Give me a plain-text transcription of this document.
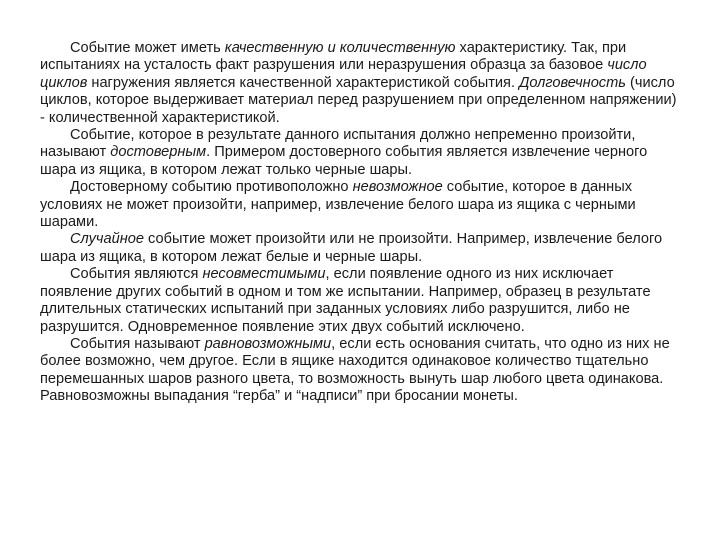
Событие может иметь качественную и количественную характеристику. Так, при испытаниях на усталость факт разрушения или неразрушения образца за базовое число циклов нагружения является качественной характеристикой события. Долговечность (число циклов, которое выдерживает материал перед разрушением при определенном напряжении) - количественной характеристикой.

Событие, которое в результате данного испытания должно непременно произойти, называют достоверным. Примером достоверного события является извлечение черного шара из ящика, в котором лежат только черные шары.

Достоверному событию противоположно невозможное событие, которое в данных условиях не может произойти, например, извлечение белого шара из ящика с черными шарами.

Случайное событие может произойти или не произойти. Например, извлечение белого шара из ящика, в котором лежат белые и черные шары.

События являются несовместимыми, если появление одного из них исключает появление других событий в одном и том же испытании. Например, образец в результате длительных статических испытаний при заданных условиях либо разрушится, либо не разрушится. Одновременное появление этих двух событий исключено.

События называют равновозможными, если есть основания считать, что одно из них не более возможно, чем другое. Если в ящике находится одинаковое количество тщательно перемешанных шаров разного цвета, то возможность вынуть шар любого цвета одинакова. Равновозможны выпадания “герба” и “надписи” при бросании монеты.
